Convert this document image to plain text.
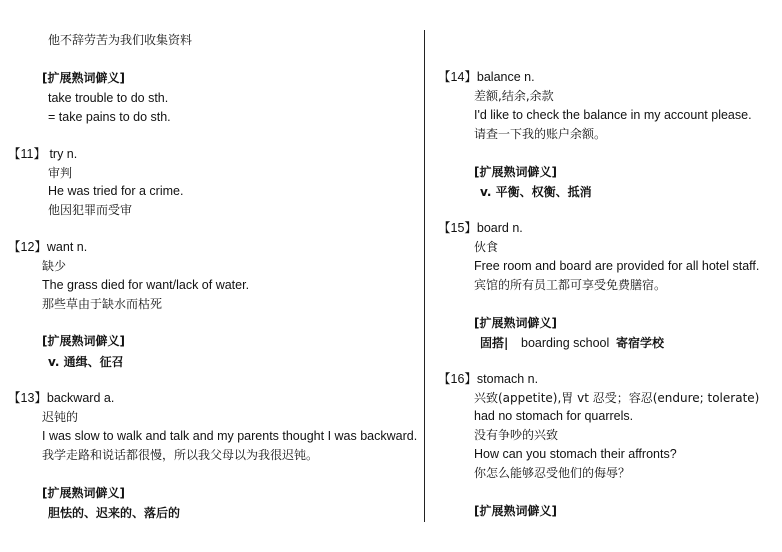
他不辞劳苦为我们收集资料
[扩展熟词僻义]
take trouble to do sth.
= take pains to do sth.
【11】 try n.
审判
He was tried for a crime.
他因犯罪而受审
【12】want n.
缺少
The grass died for want/lack of water.
那些草由于缺水而枯死
[扩展熟词僻义]
v. 通缉、征召
【13】backward a.
迟钝的
I was slow to walk and talk and my parents thought I was backward.
我学走路和说话都很慢，所以我父母以为我很迟钝。
[扩展熟词僻义]
胆怯的、迟来的、落后的
【14】balance n.
差额,结余,余款
I'd like to check the balance in my account please.
请查一下我的账户余额。
[扩展熟词僻义]
v. 平衡、权衡、抵消
【15】board n.
伙食
Free room and board are provided for all hotel staff.
宾馆的所有员工都可享受免费膳宿。
[扩展熟词僻义]
固搭| boarding school 寄宿学校
【16】stomach n.
兴致(appetite),胃 vt 忍受；容忍(endure; tolerate)
had no stomach for quarrels.
没有争吵的兴致
How can you stomach their affronts?
你怎么能够忍受他们的侮辱？
[扩展熟词僻义]
